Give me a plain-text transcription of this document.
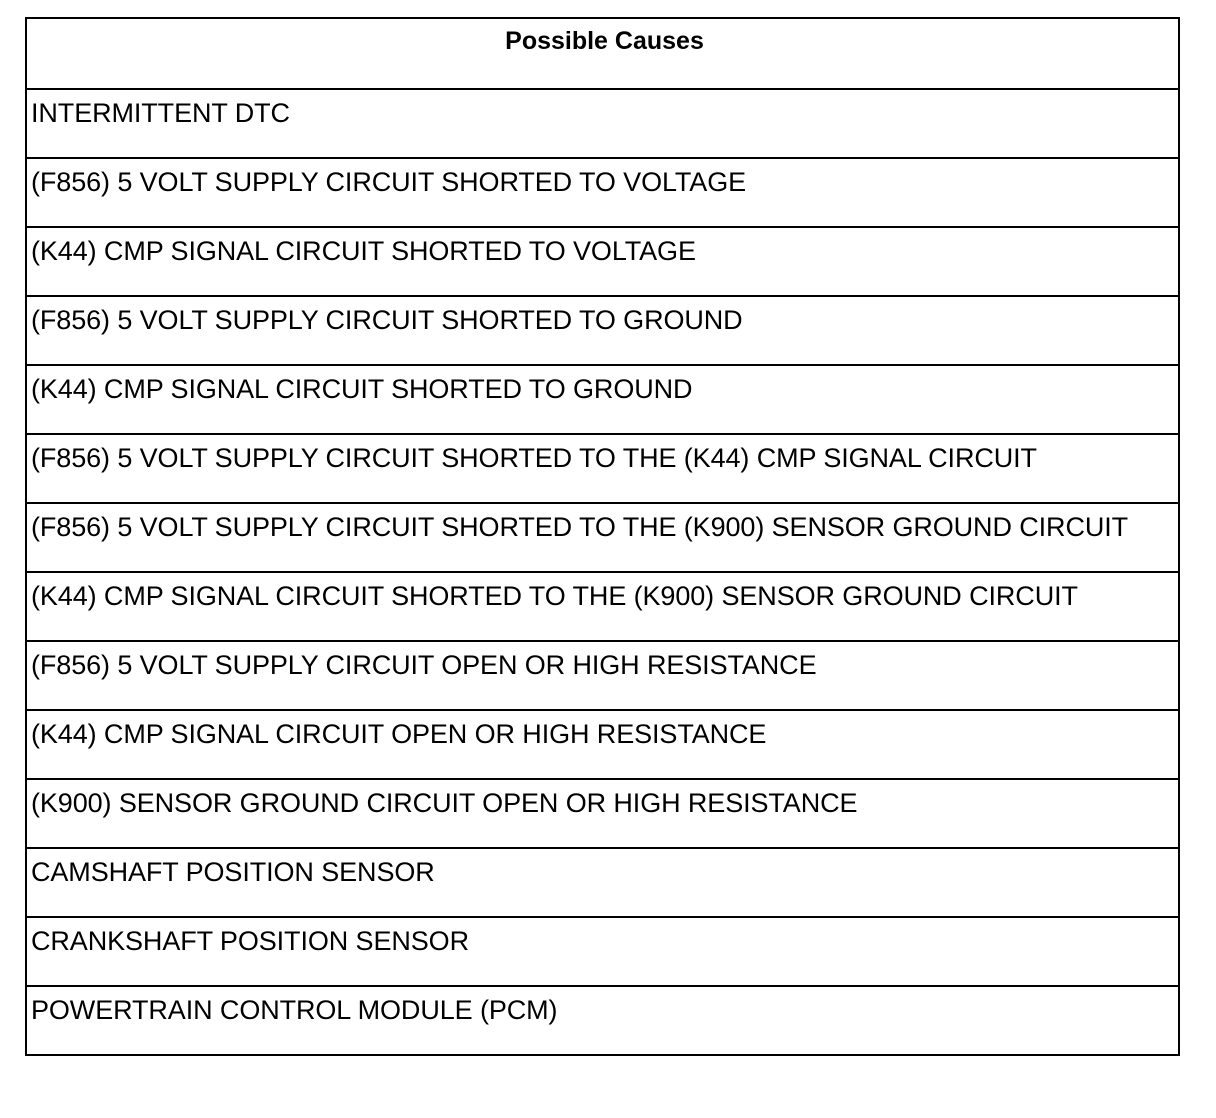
Possible Causes
INTERMITTENT DTC
(F856) 5 VOLT SUPPLY CIRCUIT SHORTED TO VOLTAGE
(K44) CMP SIGNAL CIRCUIT SHORTED TO VOLTAGE
(F856) 5 VOLT SUPPLY CIRCUIT SHORTED TO GROUND
(K44) CMP SIGNAL CIRCUIT SHORTED TO GROUND
(F856) 5 VOLT SUPPLY CIRCUIT SHORTED TO THE (K44) CMP SIGNAL CIRCUIT
(F856) 5 VOLT SUPPLY CIRCUIT SHORTED TO THE (K900) SENSOR GROUND CIRCUIT
(K44) CMP SIGNAL CIRCUIT SHORTED TO THE (K900) SENSOR GROUND CIRCUIT
(F856) 5 VOLT SUPPLY CIRCUIT OPEN OR HIGH RESISTANCE
(K44) CMP SIGNAL CIRCUIT OPEN OR HIGH RESISTANCE
(K900) SENSOR GROUND CIRCUIT OPEN OR HIGH RESISTANCE
CAMSHAFT POSITION SENSOR
CRANKSHAFT POSITION SENSOR
POWERTRAIN CONTROL MODULE (PCM)
